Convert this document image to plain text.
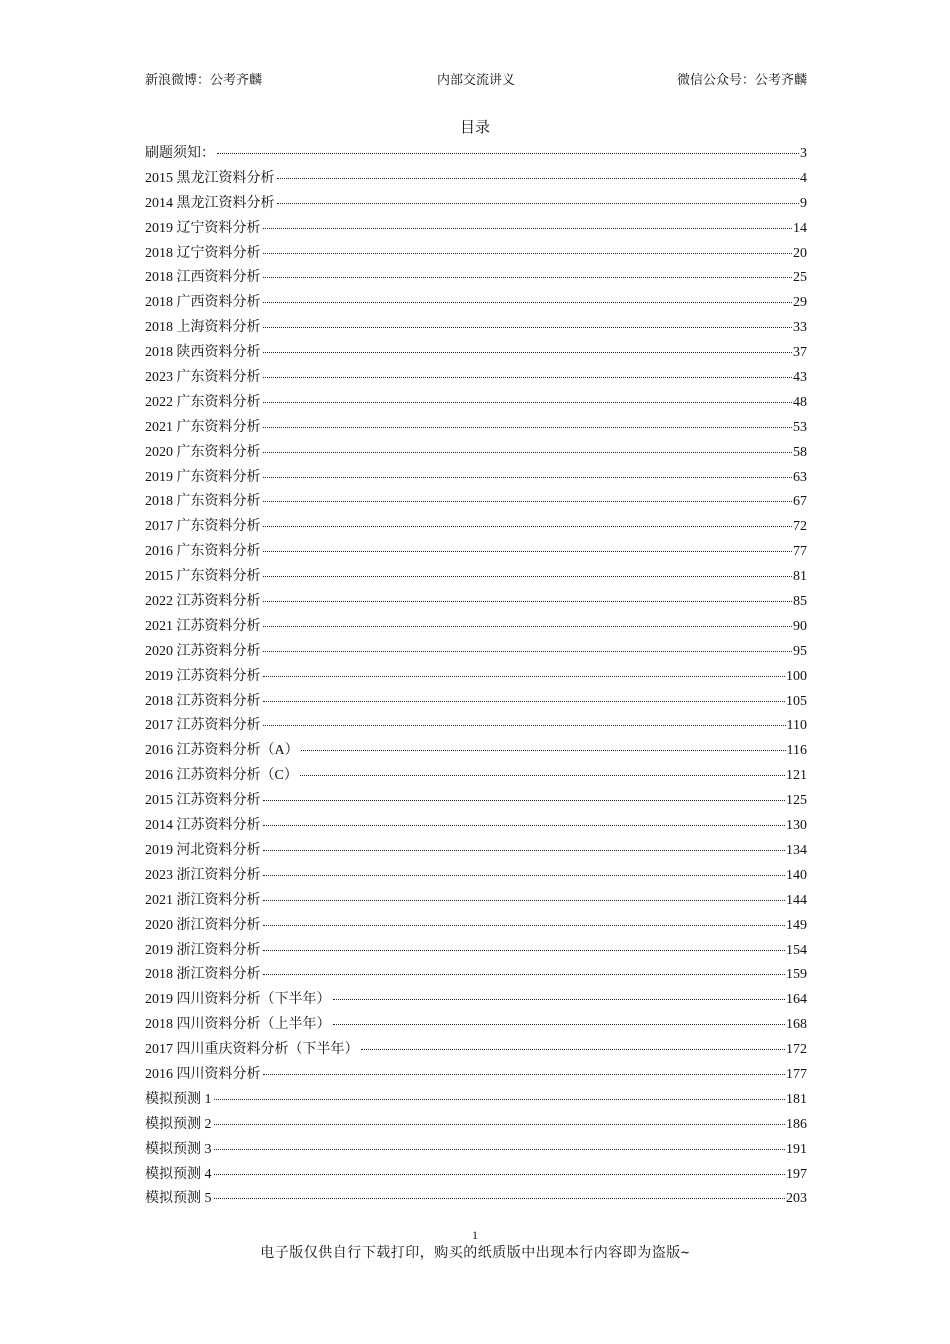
新浪微博：公考齐麟	内部交流讲义	微信公众号：公考齐麟
目录
刷题须知：	3
2015 黑龙江资料分析	4
2014 黑龙江资料分析	9
2019 辽宁资料分析	14
2018 辽宁资料分析	20
2018 江西资料分析	25
2018 广西资料分析	29
2018 上海资料分析	33
2018 陕西资料分析	37
2023 广东资料分析	43
2022 广东资料分析	48
2021 广东资料分析	53
2020 广东资料分析	58
2019 广东资料分析	63
2018 广东资料分析	67
2017 广东资料分析	72
2016 广东资料分析	77
2015 广东资料分析	81
2022 江苏资料分析	85
2021 江苏资料分析	90
2020 江苏资料分析	95
2019 江苏资料分析	100
2018 江苏资料分析	105
2017 江苏资料分析	110
2016 江苏资料分析（A）	116
2016 江苏资料分析（C）	121
2015 江苏资料分析	125
2014 江苏资料分析	130
2019 河北资料分析	134
2023 浙江资料分析	140
2021 浙江资料分析	144
2020 浙江资料分析	149
2019 浙江资料分析	154
2018 浙江资料分析	159
2019 四川资料分析（下半年）	164
2018 四川资料分析（上半年）	168
2017 四川重庆资料分析（下半年）	172
2016 四川资料分析	177
模拟预测 1	181
模拟预测 2	186
模拟预测 3	191
模拟预测 4	197
模拟预测 5	203
1
电子版仅供自行下载打印，购买的纸质版中出现本行内容即为盗版~
